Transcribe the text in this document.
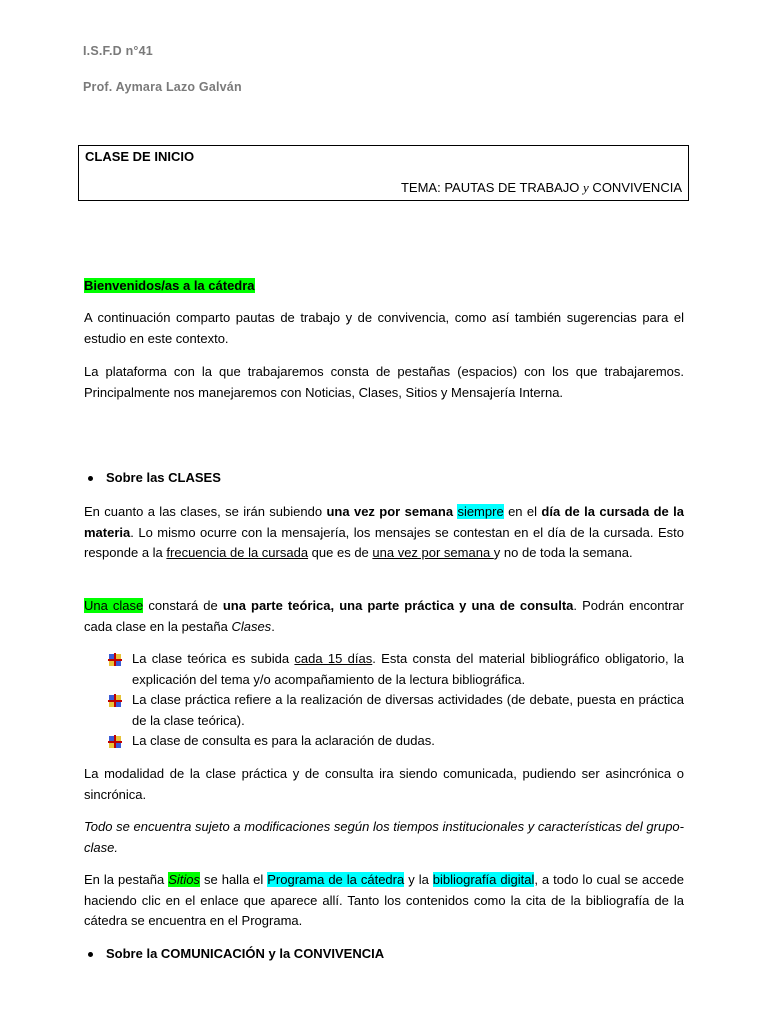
I.S.F.D n°41
Prof. Aymara Lazo Galván
CLASE DE INICIO
TEMA: PAUTAS DE TRABAJO y CONVIVENCIA
Bienvenidos/as a la cátedra
A continuación comparto pautas de trabajo y de convivencia, como así también sugerencias para el estudio en este contexto.
La plataforma con la que trabajaremos consta de pestañas (espacios) con los que trabajaremos. Principalmente nos manejaremos con Noticias, Clases, Sitios y Mensajería Interna.
Sobre las CLASES
En cuanto a las clases, se irán subiendo una vez por semana siempre en el día de la cursada de la materia. Lo mismo ocurre con la mensajería, los mensajes se contestan en el día de la cursada. Esto responde a la frecuencia de la cursada que es de una vez por semana y no de toda la semana.
Una clase constará de una parte teórica, una parte práctica y una de consulta. Podrán encontrar cada clase en la pestaña Clases.
La clase teórica es subida cada 15 días. Esta consta del material bibliográfico obligatorio, la explicación del tema y/o acompañamiento de la lectura bibliográfica.
La clase práctica refiere a la realización de diversas actividades (de debate, puesta en práctica de la clase teórica).
La clase de consulta es para la aclaración de dudas.
La modalidad de la clase práctica y de consulta ira siendo comunicada, pudiendo ser asincrónica o sincrónica.
Todo se encuentra sujeto a modificaciones según los tiempos institucionales y características del grupo-clase.
En la pestaña Sitios se halla el Programa de la cátedra y la bibliografía digital, a todo lo cual se accede haciendo clic en el enlace que aparece allí. Tanto los contenidos como la cita de la bibliografía de la cátedra se encuentra en el Programa.
Sobre la COMUNICACIÓN y la CONVIVENCIA
